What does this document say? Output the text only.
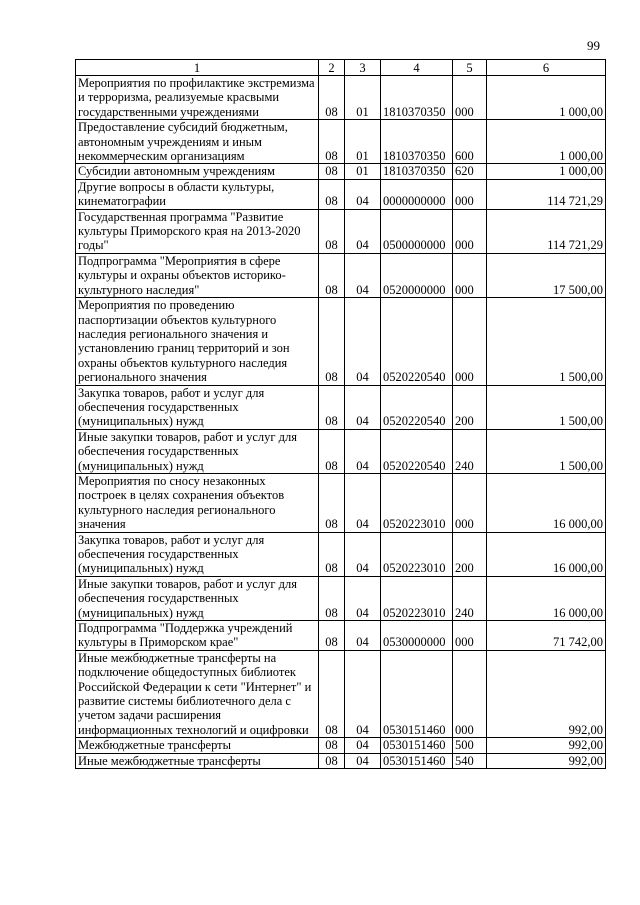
99
1	2	3	4	5	6
Мероприятия по профилактике экстремизма и терроризма, реализуемые красвыми государственными учреждениями	08	01	1810370350	000	1 000,00
Предоставление субсидий бюджетным, автономным учреждениям и иным некоммерческим организациям	08	01	1810370350	600	1 000,00
Субсидии автономным учреждениям	08	01	1810370350	620	1 000,00
Другие вопросы в области культуры, кинематографии	08	04	0000000000	000	114 721,29
Государственная программа "Развитие культуры Приморского края на 2013-2020 годы"	08	04	0500000000	000	114 721,29
Подпрограмма "Мероприятия в сфере культуры и охраны объектов историко-культурного наследия"	08	04	0520000000	000	17 500,00
Мероприятия по проведению паспортизации объектов культурного наследия регионального значения и установлению границ территорий и зон охраны объектов культурного наследия регионального значения	08	04	0520220540	000	1 500,00
Закупка товаров, работ и услуг для обеспечения государственных (муниципальных) нужд	08	04	0520220540	200	1 500,00
Иные закупки товаров, работ и услуг для обеспечения государственных (муниципальных) нужд	08	04	0520220540	240	1 500,00
Мероприятия по сносу незаконных построек в целях сохранения объектов культурного наследия регионального значения	08	04	0520223010	000	16 000,00
Закупка товаров, работ и услуг для обеспечения государственных (муниципальных) нужд	08	04	0520223010	200	16 000,00
Иные закупки товаров, работ и услуг для обеспечения государственных (муниципальных) нужд	08	04	0520223010	240	16 000,00
Подпрограмма "Поддержка учреждений культуры в Приморском крае"	08	04	0530000000	000	71 742,00
Иные межбюджетные трансферты на подключение общедоступных библиотек Российской Федерации к сети "Интернет" и развитие системы библиотечного дела с учетом задачи расширения информационных технологий и оцифровки	08	04	0530151460	000	992,00
Межбюджетные трансферты	08	04	0530151460	500	992,00
Иные межбюджетные трансферты	08	04	0530151460	540	992,00
